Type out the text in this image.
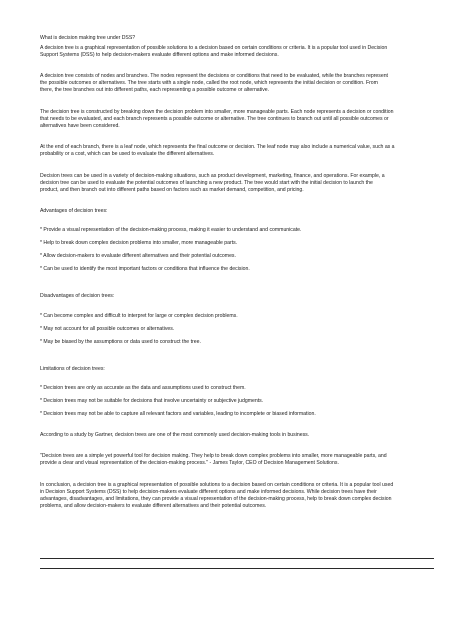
What is decision making tree under DSS?
A decision tree is a graphical representation of possible solutions to a decision based on certain conditions or criteria. It is a popular tool used in Decision
Support Systems (DSS) to help decision-makers evaluate different options and make informed decisions.
A decision tree consists of nodes and branches. The nodes represent the decisions or conditions that need to be evaluated, while the branches represent
the possible outcomes or alternatives. The tree starts with a single node, called the root node, which represents the initial decision or condition. From
there, the tree branches out into different paths, each representing a possible outcome or alternative.
The decision tree is constructed by breaking down the decision problem into smaller, more manageable parts. Each node represents a decision or condition
that needs to be evaluated, and each branch represents a possible outcome or alternative. The tree continues to branch out until all possible outcomes or
alternatives have been considered.
At the end of each branch, there is a leaf node, which represents the final outcome or decision. The leaf node may also include a numerical value, such as a
probability or a cost, which can be used to evaluate the different alternatives.
Decision trees can be used in a variety of decision-making situations, such as product development, marketing, finance, and operations. For example, a
decision tree can be used to evaluate the potential outcomes of launching a new product. The tree would start with the initial decision to launch the
product, and then branch out into different paths based on factors such as market demand, competition, and pricing.
Advantages of decision trees:
* Provide a visual representation of the decision-making process, making it easier to understand and communicate.
* Help to break down complex decision problems into smaller, more manageable parts.
* Allow decision-makers to evaluate different alternatives and their potential outcomes.
* Can be used to identify the most important factors or conditions that influence the decision.
Disadvantages of decision trees:
* Can become complex and difficult to interpret for large or complex decision problems.
* May not account for all possible outcomes or alternatives.
* May be biased by the assumptions or data used to construct the tree.
Limitations of decision trees:
* Decision trees are only as accurate as the data and assumptions used to construct them.
* Decision trees may not be suitable for decisions that involve uncertainty or subjective judgments.
* Decision trees may not be able to capture all relevant factors and variables, leading to incomplete or biased information.
According to a study by Gartner, decision trees are one of the most commonly used decision-making tools in business.
"Decision trees are a simple yet powerful tool for decision making. They help to break down complex problems into smaller, more manageable parts, and
provide a clear and visual representation of the decision-making process." - James Taylor, CEO of Decision Management Solutions.
In conclusion, a decision tree is a graphical representation of possible solutions to a decision based on certain conditions or criteria. It is a popular tool used
in Decision Support Systems (DSS) to help decision-makers evaluate different options and make informed decisions. While decision trees have their
advantages, disadvantages, and limitations, they can provide a visual representation of the decision-making process, help to break down complex decision
problems, and allow decision-makers to evaluate different alternatives and their potential outcomes.
